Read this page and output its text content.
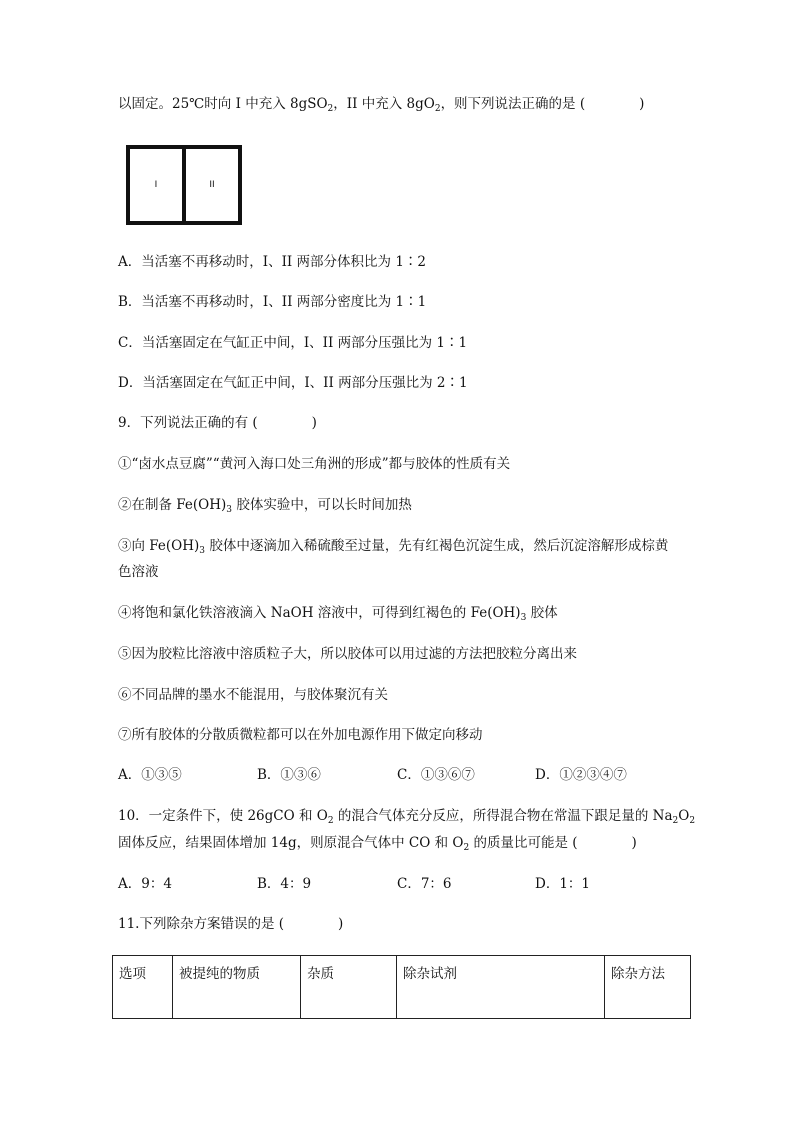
以固定。25℃时向 I 中充入 8gSO$_2$，II 中充入 $8gO_2$，则下列说法正确的是 (　　　　)
I	II
A．当活塞不再移动时，I、II 两部分体积比为 1∶2
B．当活塞不再移动时，I、II 两部分密度比为 1∶1
C．当活塞固定在气缸正中间，I、II 两部分压强比为 1∶1
D．当活塞固定在气缸正中间，I、II 两部分压强比为 2∶1
9．下列说法正确的有 (　　　　)
①“卤水点豆腐”“黄河入海口处三角洲的形成”都与胶体的性质有关
②在制备 $Fe(OH)_3$ 胶体实验中，可以长时间加热
③向 $Fe(OH)_3$ 胶体中逐滴加入稀硫酸至过量，先有红褐色沉淀生成，然后沉淀溶解形成棕黄
色溶液
④将饱和氯化铁溶液滴入 NaOH 溶液中，可得到红褐色的 $Fe(OH)_3$ 胶体
⑤因为胶粒比溶液中溶质粒子大，所以胶体可以用过滤的方法把胶粒分离出来
⑥不同品牌的墨水不能混用，与胶体聚沉有关
⑦所有胶体的分散质微粒都可以在外加电源作用下做定向移动
A．①③⑤	B．①③⑥	C．①③⑥⑦	D．①②③④⑦
10．一定条件下，使 26gCO 和 $O_2$ 的混合气体充分反应，所得混合物在常温下跟足量的 $Na_2O_2$
固体反应，结果固体增加 14g，则原混合气体中 CO 和 $O_2$ 的质量比可能是 (　　　　)
A．9：4	B．4：9	C．7：6	D．1：1
11.下列除杂方案错误的是 (　　　　)
选项	被提纯的物质	杂质	除杂试剂	除杂方法
